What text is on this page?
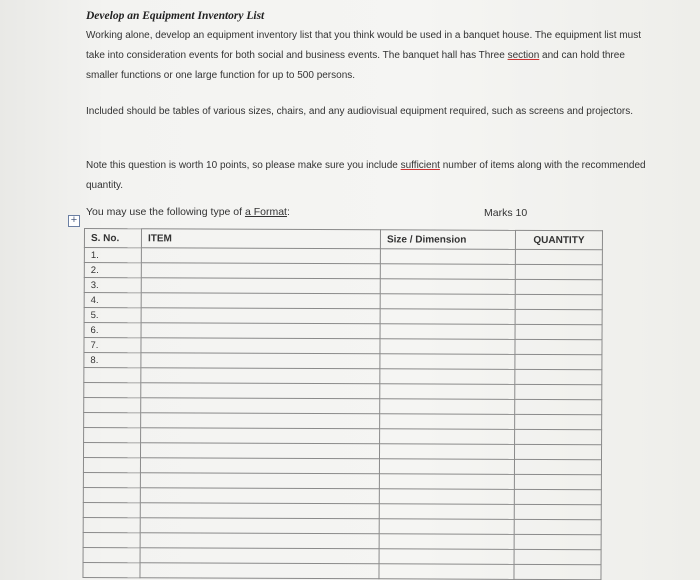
Develop an Equipment Inventory List
Working alone, develop an equipment inventory list that you think would be used in a banquet house. The equipment list must take into consideration events for both social and business events. The banquet hall has Three section and can hold three smaller functions or one large function for up to 500 persons.
Included should be tables of various sizes, chairs, and any audiovisual equipment required, such as screens and projectors.
Note this question is worth 10 points, so please make sure you include sufficient number of items along with the recommended quantity.
You may use the following type of a Format:	Marks 10
+
S. No.	ITEM	Size / Dimension	QUANTITY
1.			
2.			
3.			
4.			
5.			
6.			
7.			
8.			
